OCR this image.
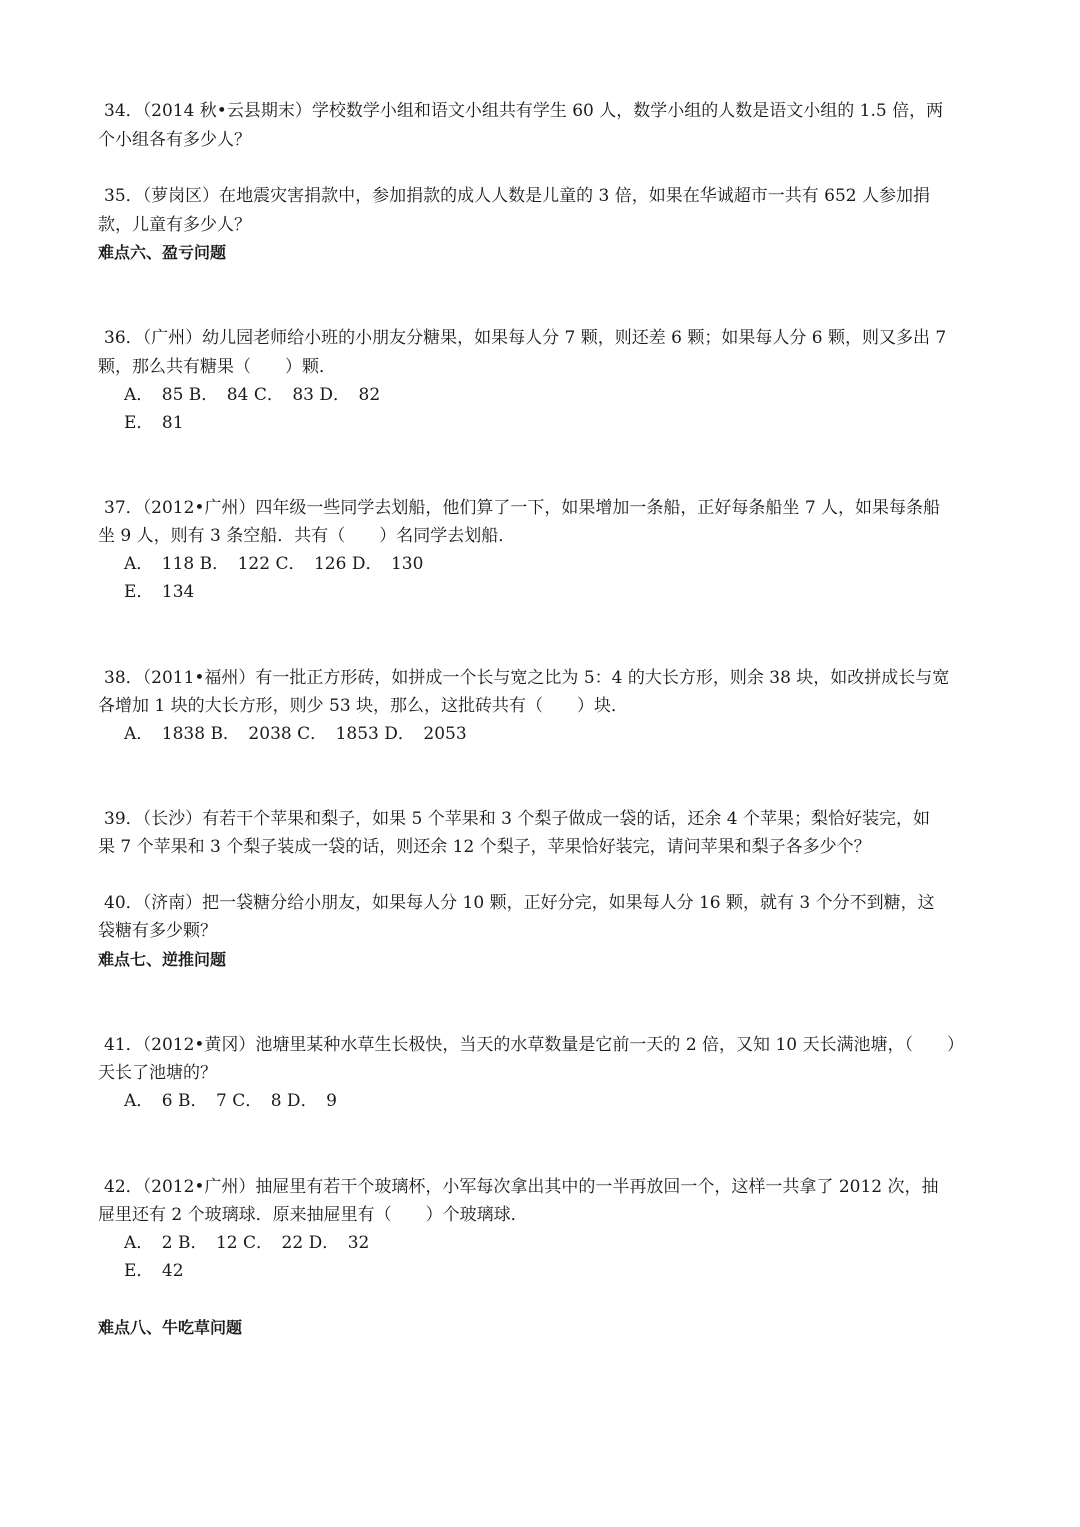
34．（2014 秋•云县期末）学校数学小组和语文小组共有学生 60 人，数学小组的人数是语文小组的 1.5 倍，两
个小组各有多少人？
35．（萝岗区）在地震灾害捐款中，参加捐款的成人人数是儿童的 3 倍，如果在华诚超市一共有 652 人参加捐
款，儿童有多少人？
难点六、盈亏问题
36．（广州）幼儿园老师给小班的小朋友分糖果，如果每人分 7 颗，则还差 6 颗；如果每人分 6 颗，则又多出 7
颗，那么共有糖果（　　）颗．
A．　85 B．　84 C．　83 D．　82
E．　81
37．（2012•广州）四年级一些同学去划船，他们算了一下，如果增加一条船，正好每条船坐 7 人，如果每条船
坐 9 人，则有 3 条空船．共有（　　）名同学去划船．
A．　118 B．　122 C．　126 D．　130
E．　134
38．（2011•福州）有一批正方形砖，如拼成一个长与宽之比为 5：4 的大长方形，则余 38 块，如改拼成长与宽
各增加 1 块的大长方形，则少 53 块，那么，这批砖共有（　　）块．
A．　1838 B．　2038 C．　1853 D．　2053
39．（长沙）有若干个苹果和梨子，如果 5 个苹果和 3 个梨子做成一袋的话，还余 4 个苹果；梨恰好装完，如
果 7 个苹果和 3 个梨子装成一袋的话，则还余 12 个梨子，苹果恰好装完，请问苹果和梨子各多少个？
40．（济南）把一袋糖分给小朋友，如果每人分 10 颗，正好分完，如果每人分 16 颗，就有 3 个分不到糖，这
袋糖有多少颗？
难点七、逆推问题
41．（2012•黄冈）池塘里某种水草生长极快，当天的水草数量是它前一天的 2 倍，又知 10 天长满池塘，（　　）
天长了池塘的？
A．　6 B．　7 C．　8 D．　9
42．（2012•广州）抽屉里有若干个玻璃杯，小军每次拿出其中的一半再放回一个，这样一共拿了 2012 次，抽
屉里还有 2 个玻璃球．原来抽屉里有（　　）个玻璃球．
A．　2 B．　12 C．　22 D．　32
E．　42
难点八、牛吃草问题
